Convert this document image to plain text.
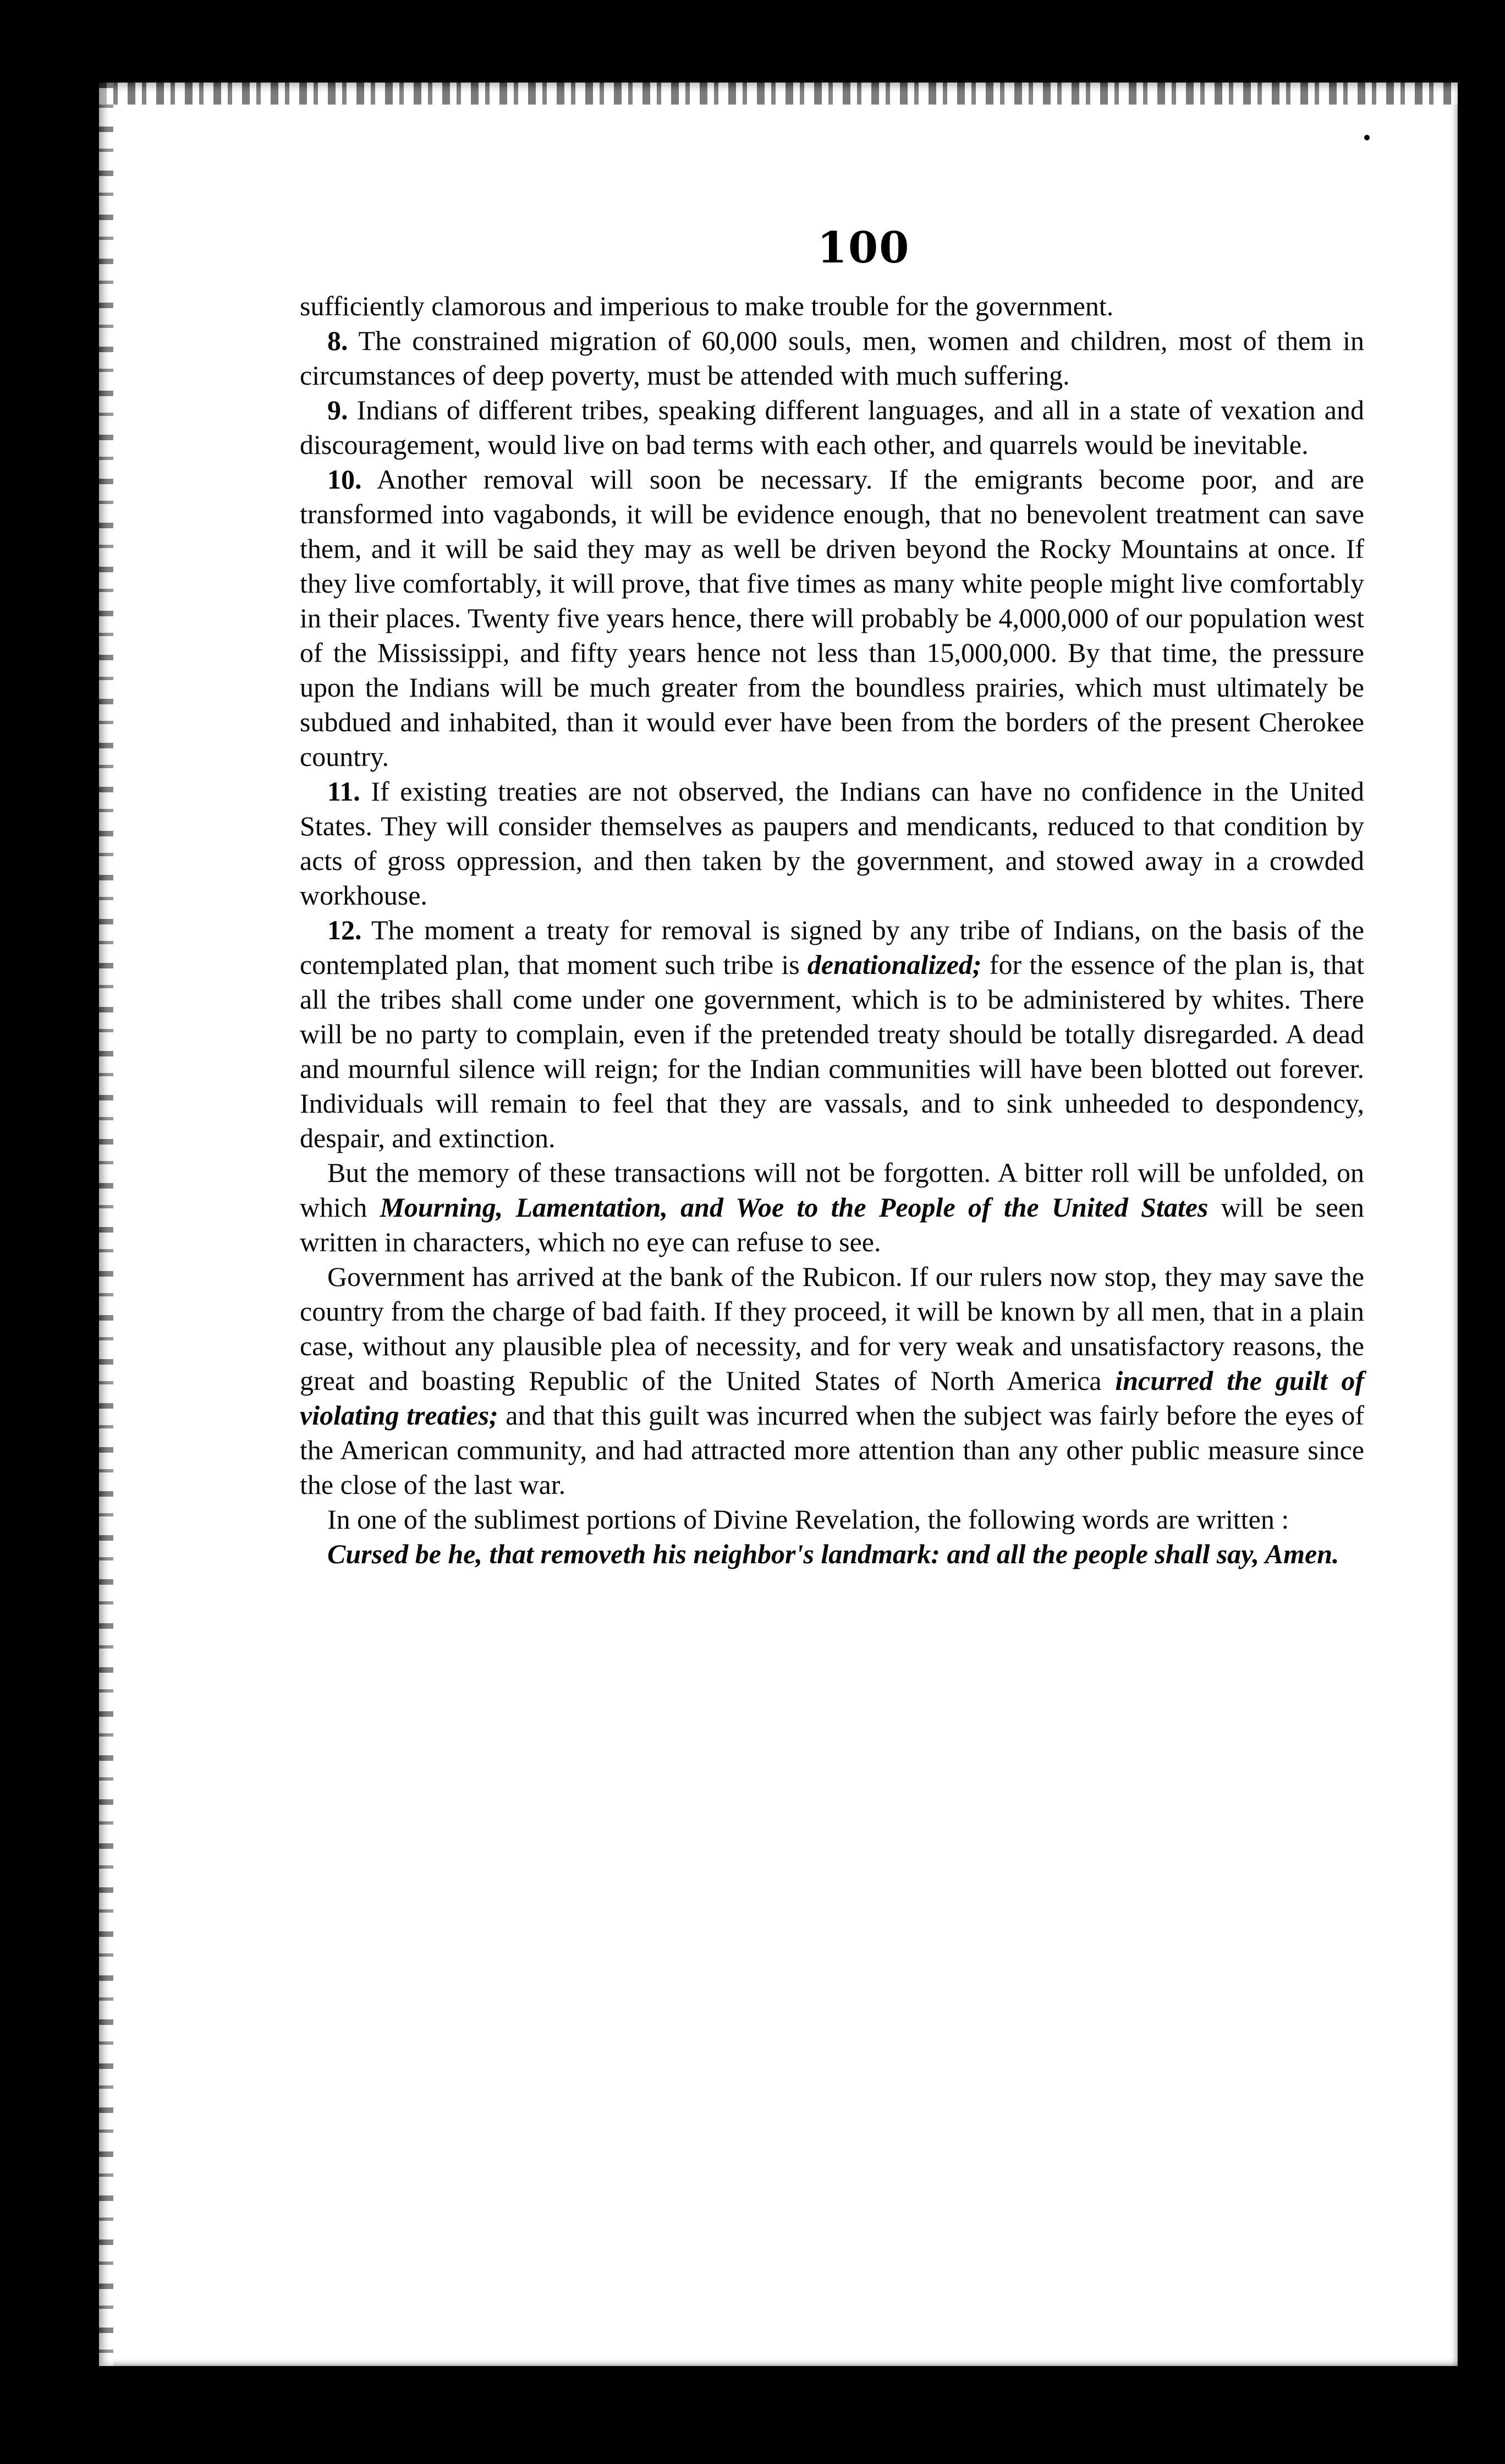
100

sufficiently clamorous and imperious to make trouble for the government.

8. The constrained migration of 60,000 souls, men, women and children, most of them in circumstances of deep poverty, must be attended with much suffering.

9. Indians of different tribes, speaking different languages, and all in a state of vexation and discouragement, would live on bad terms with each other, and quarrels would be inevitable.

10. Another removal will soon be necessary. If the emigrants become poor, and are transformed into vagabonds, it will be evidence enough, that no benevolent treatment can save them, and it will be said they may as well be driven beyond the Rocky Mountains at once. If they live comfortably, it will prove, that five times as many white people might live comfortably in their places. Twenty five years hence, there will probably be 4,000,000 of our population west of the Mississippi, and fifty years hence not less than 15,000,000. By that time, the pressure upon the Indians will be much greater from the boundless prairies, which must ultimately be subdued and inhabited, than it would ever have been from the borders of the present Cherokee country.

11. If existing treaties are not observed, the Indians can have no confidence in the United States. They will consider themselves as paupers and mendicants, reduced to that condition by acts of gross oppression, and then taken by the government, and stowed away in a crowded workhouse.

12. The moment a treaty for removal is signed by any tribe of Indians, on the basis of the contemplated plan, that moment such tribe is denationalized; for the essence of the plan is, that all the tribes shall come under one government, which is to be administered by whites. There will be no party to complain, even if the pretended treaty should be totally disregarded. A dead and mournful silence will reign; for the Indian communities will have been blotted out forever. Individuals will remain to feel that they are vassals, and to sink unheeded to despondency, despair, and extinction.

But the memory of these transactions will not be forgotten. A bitter roll will be unfolded, on which Mourning, Lamentation, and Woe to the People of the United States will be seen written in characters, which no eye can refuse to see.

Government has arrived at the bank of the Rubicon. If our rulers now stop, they may save the country from the charge of bad faith. If they proceed, it will be known by all men, that in a plain case, without any plausible plea of necessity, and for very weak and unsatisfactory reasons, the great and boasting Republic of the United States of North America incurred the guilt of violating treaties; and that this guilt was incurred when the subject was fairly before the eyes of the American community, and had attracted more attention than any other public measure since the close of the last war.

In one of the sublimest portions of Divine Revelation, the following words are written :

Cursed be he, that removeth his neighbor's landmark: and all the people shall say, Amen.
